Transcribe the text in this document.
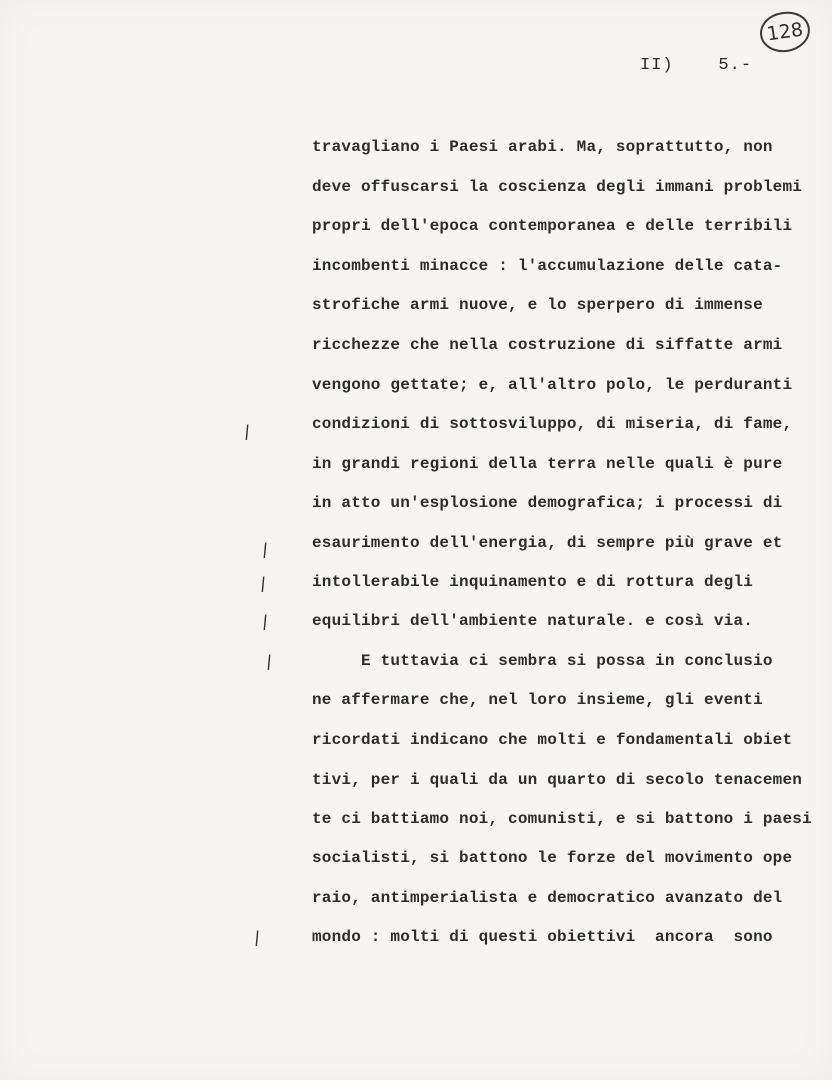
128
II)    5.-
/
/
/
/
/
/
travagliano i Paesi arabi. Ma, soprattutto, non
deve offuscarsi la coscienza degli immani problemi
propri dell'epoca contemporanea e delle terribili
incombenti minacce : l'accumulazione delle cata-
strofiche armi nuove, e lo sperpero di immense
ricchezze che nella costruzione di siffatte armi
vengono gettate; e, all'altro polo, le perduranti
condizioni di sottosviluppo, di miseria, di fame,
in grandi regioni della terra nelle quali è pure
in atto un'esplosione demografica; i processi di
esaurimento dell'energia, di sempre più grave et
intollerabile inquinamento e di rottura degli
equilibri dell'ambiente naturale. e così via.
E tuttavia ci sembra si possa in conclusio
ne affermare che, nel loro insieme, gli eventi
ricordati indicano che molti e fondamentali obiet
tivi, per i quali da un quarto di secolo tenacemen
te ci battiamo noi, comunisti, e si battono i paesi
socialisti, si battono le forze del movimento ope
raio, antimperialista e democratico avanzato del
mondo : molti di questi obiettivi  ancora  sono
